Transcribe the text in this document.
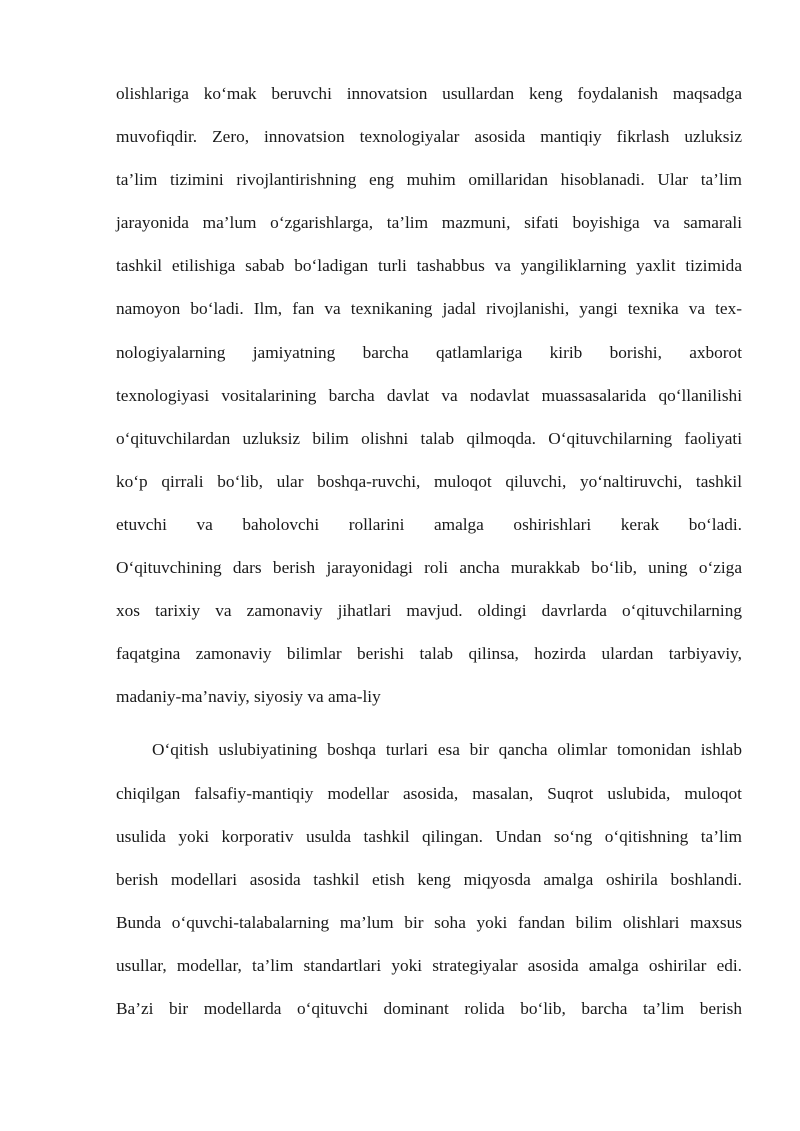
olishlariga ko‘mak beruvchi innovatsion usullardan keng foydalanish maqsadga
muvofiqdir. Zero, innovatsion texnologiyalar asosida mantiqiy fikrlash uzluksiz
ta’lim tizimini rivojlantirishning eng muhim omillaridan hisoblanadi. Ular ta’lim
jarayonida ma’lum o‘zgarishlarga, ta’lim mazmuni, sifati boyishiga va samarali
tashkil etilishiga sabab bo‘ladigan turli tashabbus va yangiliklarning yaxlit tizimida
namoyon bo‘ladi. Ilm, fan va texnikaning jadal rivojlanishi, yangi texnika va tex-
nologiyalarning jamiyatning barcha qatlamlariga kirib borishi, axborot
texnologiyasi vositalarining barcha davlat va nodavlat muassasalarida qo‘llanilishi
o‘qituvchilardan uzluksiz bilim olishni talab qilmoqda. O‘qituvchilarning faoliyati
ko‘p qirrali bo‘lib, ular boshqa-ruvchi, muloqot qiluvchi, yo‘naltiruvchi, tashkil
etuvchi va baholovchi rollarini amalga oshirishlari kerak bo‘ladi.
O‘qituvchining dars berish jarayonidagi roli ancha murakkab bo‘lib, uning o‘ziga
xos tarixiy va zamonaviy jihatlari mavjud. oldingi davrlarda o‘qituvchilarning
faqatgina zamonaviy bilimlar berishi talab qilinsa, hozirda ulardan tarbiyaviy,
madaniy-ma’naviy, siyosiy va ama-liy
O‘qitish uslubiyatining boshqa turlari esa bir qancha olimlar tomonidan ishlab
chiqilgan falsafiy-mantiqiy modellar asosida, masalan, Suqrot uslubida, muloqot
usulida yoki korporativ usulda tashkil qilingan. Undan so‘ng o‘qitishning ta’lim
berish modellari asosida tashkil etish keng miqyosda amalga oshirila boshlandi.
Bunda o‘quvchi-talabalarning ma’lum bir soha yoki fandan bilim olishlari maxsus
usullar, modellar, ta’lim standartlari yoki strategiyalar asosida amalga oshirilar edi.
Ba’zi bir modellarda o‘qituvchi dominant rolida bo‘lib, barcha ta’lim berish
